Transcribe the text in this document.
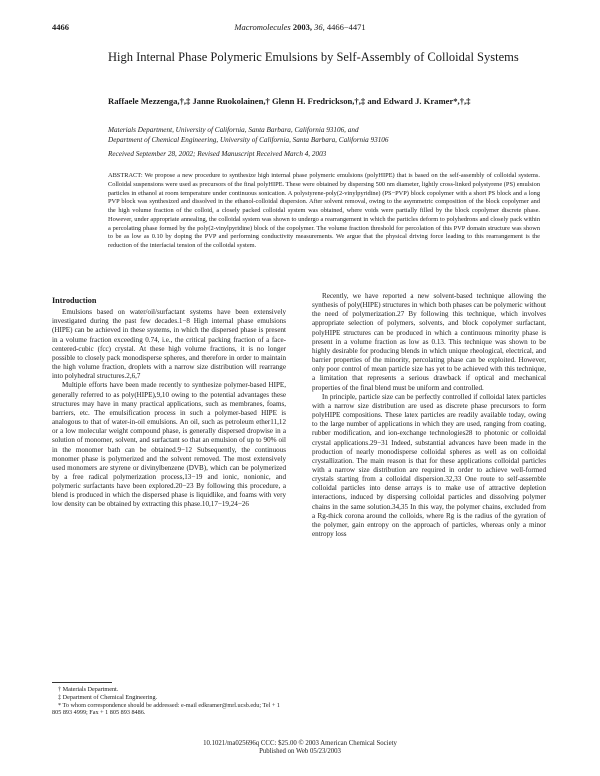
4466	Macromolecules 2003, 36, 4466−4471
High Internal Phase Polymeric Emulsions by Self-Assembly of Colloidal Systems
Raffaele Mezzenga,†,‡ Janne Ruokolainen,† Glenn H. Fredrickson,†,‡ and Edward J. Kramer*,†,‡
Materials Department, University of California, Santa Barbara, California 93106, and
Department of Chemical Engineering, University of California, Santa Barbara, California 93106
Received September 28, 2002; Revised Manuscript Received March 4, 2003
ABSTRACT: We propose a new procedure to synthesize high internal phase polymeric emulsions (polyHIPE) that is based on the self-assembly of colloidal systems. Colloidal suspensions were used as precursors of the final polyHIPE. These were obtained by dispersing 500 nm diameter, lightly cross-linked polystyrene (PS) emulsion particles in ethanol at room temperature under continuous sonication. A polystyrene-poly(2-vinylpyridine) (PS−PVP) block copolymer with a short PS block and a long PVP block was synthesized and dissolved in the ethanol-colloidal dispersion. After solvent removal, owing to the asymmetric composition of the block copolymer and the high volume fraction of the colloid, a closely packed colloidal system was obtained, where voids were partially filled by the block copolymer discrete phase. However, under appropriate annealing, the colloidal system was shown to undergo a rearrangement in which the particles deform to polyhedrons and closely pack within a percolating phase formed by the poly(2-vinylpyridine) block of the copolymer. The volume fraction threshold for percolation of this PVP domain structure was shown to be as low as 0.10 by doping the PVP and performing conductivity measurements. We argue that the physical driving force leading to this rearrangement is the reduction of the interfacial tension of the colloidal system.
Introduction

Emulsions based on water/oil/surfactant systems have been extensively investigated during the past few decades.1−8 High internal phase emulsions (HIPE) can be achieved in these systems, in which the dispersed phase is present in a volume fraction exceeding 0.74, i.e., the critical packing fraction of a face-centered-cubic (fcc) crystal. At these high volume fractions, it is no longer possible to closely pack monodisperse spheres, and therefore in order to maintain the high volume fraction, droplets with a narrow size distribution will rearrange into polyhedral structures.2,6,7

Multiple efforts have been made recently to synthesize polymer-based HIPE, generally referred to as poly(HIPE),9,10 owing to the potential advantages these structures may have in many practical applications, such as membranes, foams, barriers, etc. The emulsification process in such a polymer-based HIPE is analogous to that of water-in-oil emulsions. An oil, such as petroleum ether11,12 or a low molecular weight compound phase, is generally dispersed dropwise in a solution of monomer, solvent, and surfactant so that an emulsion of up to 90% oil in the monomer bath can be obtained.9−12 Subsequently, the continuous monomer phase is polymerized and the solvent removed. The most extensively used monomers are styrene or divinylbenzene (DVB), which can be polymerized by a free radical polymerization process,13−19 and ionic, nonionic, and polymeric surfactants have been explored.20−23 By following this procedure, a blend is produced in which the dispersed phase is liquidlike, and foams with very low density can be obtained by extracting this phase.10,17−19,24−26

† Materials Department.

‡ Department of Chemical Engineering.

* To whom correspondence should be addressed: e-mail edkramer@mrl.ucsb.edu; Tel + 1 805 893 4999; Fax + 1 805 893 8486.

Recently, we have reported a new solvent-based technique allowing the synthesis of poly(HIPE) structures in which both phases can be polymeric without the need of polymerization.27 By following this technique, which involves appropriate selection of polymers, solvents, and block copolymer surfactant, polyHIPE structures can be produced in which a continuous minority phase is present in a volume fraction as low as 0.13. This technique was shown to be highly desirable for producing blends in which unique rheological, electrical, and barrier properties of the minority, percolating phase can be exploited. However, only poor control of mean particle size has yet to be achieved with this technique, a limitation that represents a serious drawback if optical and mechanical properties of the final blend must be uniform and controlled.

In principle, particle size can be perfectly controlled if colloidal latex particles with a narrow size distribution are used as discrete phase precursors to form polyHIPE compositions. These latex particles are readily available today, owing to the large number of applications in which they are used, ranging from coating, rubber modification, and ion-exchange technologies28 to photonic or colloidal crystal applications.29−31 Indeed, substantial advances have been made in the production of nearly monodisperse colloidal spheres as well as on colloidal crystallization. The main reason is that for these applications colloidal particles with a narrow size distribution are required in order to achieve well-formed crystals starting from a colloidal dispersion.32,33 One route to self-assemble colloidal particles into dense arrays is to make use of attractive depletion interactions, induced by dispersing colloidal particles and dissolving polymer chains in the same solution.34,35 In this way, the polymer chains, excluded from a Rg-thick corona around the colloids, where Rg is the radius of the gyration of the polymer, gain entropy on the approach of particles, whereas only a minor entropy loss

10.1021/ma025696q CCC: $25.00 © 2003 American Chemical Society
Published on Web 05/23/2003
